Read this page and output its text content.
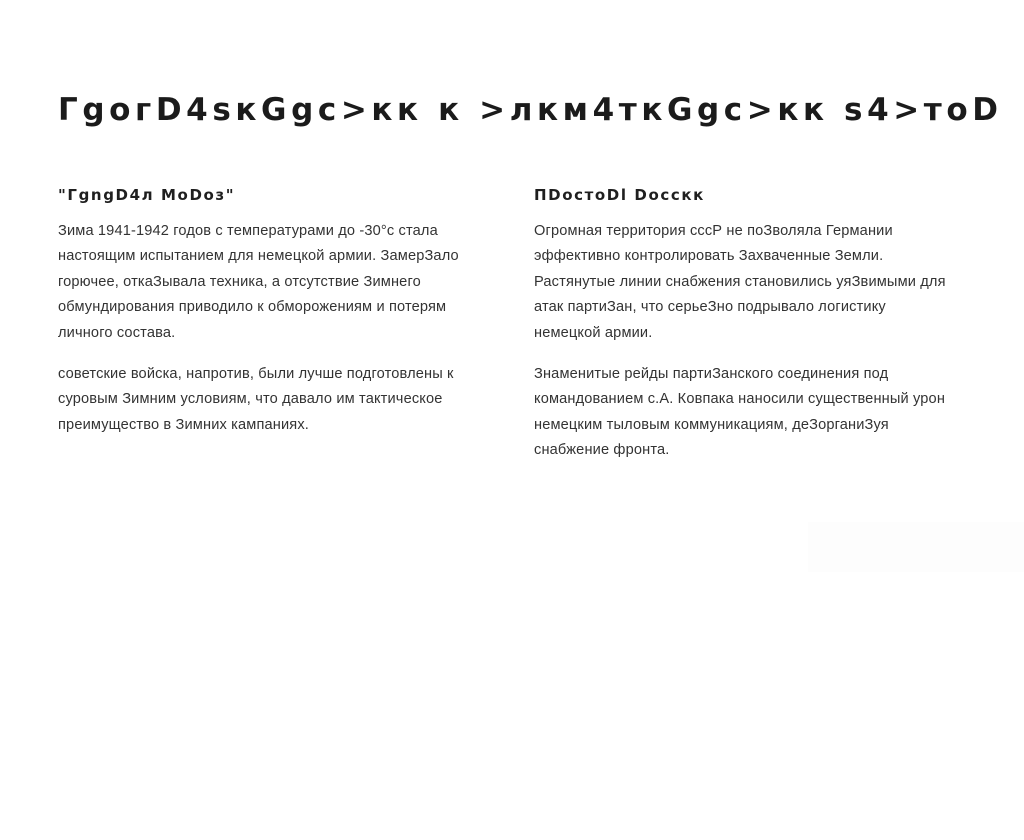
ГgогD4sкGgc>кк к >лкм4ткGgc>кк s4>тоD
"ГgngD4л МоDоз"

Зима 1941-1942 годов с температурами до -30°с стала настоящим испытанием для немецкой армии. ЗамерЗало горючее, откаЗывала техника, а отсутствие Зимнего обмундирования приводило к обморожениям и потерям личного состава.

советские войска, напротив, были лучше подготовлены к суровым Зимним условиям, что давало им тактическое преимущество в Зимних кампаниях.

ПDостоDl Dосскк

Огромная территория сссР не поЗволяла Германии эффективно контролировать Захваченные Земли. Растянутые линии снабжения становились уяЗвимыми для атак партиЗан, что серьеЗно подрывало логистику немецкой армии.

Знаменитые рейды партиЗанского соединения под командованием с.А. Ковпака наносили существенный урон немецким тыловым коммуникациям, деЗорганиЗуя снабжение фронта.
